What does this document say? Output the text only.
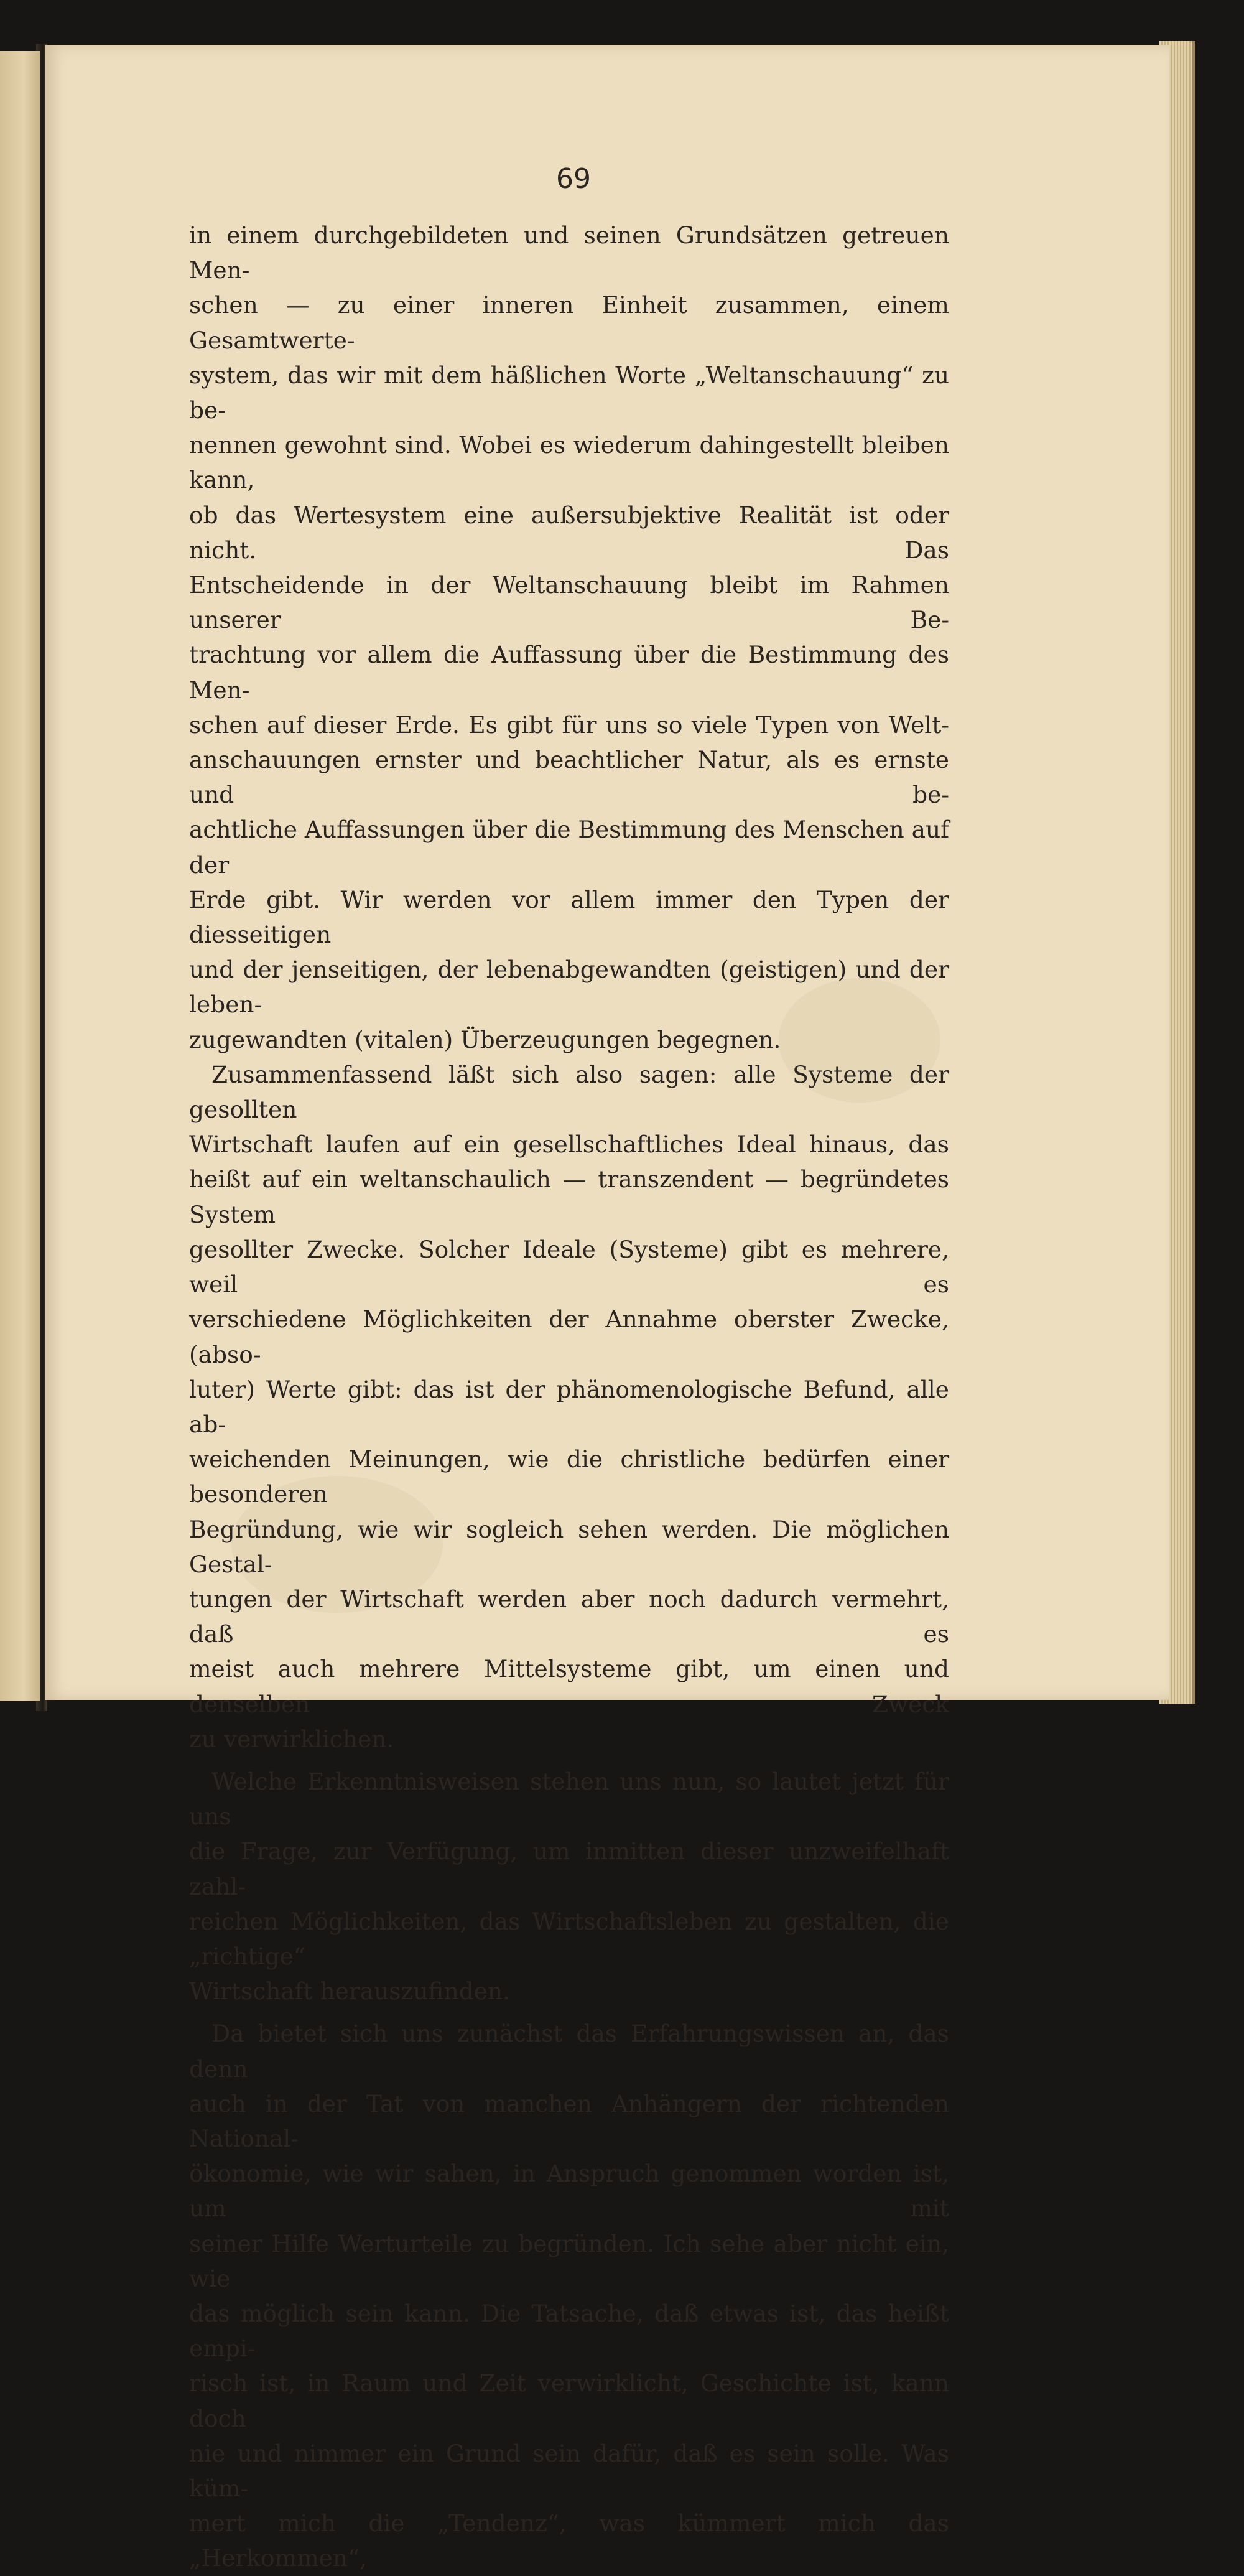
69

in einem durchgebildeten und seinen Grundsätzen getreuen Men-

schen — zu einer inneren Einheit zusammen, einem Gesamtwerte-

system, das wir mit dem häßlichen Worte „Weltanschauung“ zu be-

nennen gewohnt sind. Wobei es wiederum dahingestellt bleiben kann,

ob das Wertesystem eine außersubjektive Realität ist oder nicht. Das

Entscheidende in der Weltanschauung bleibt im Rahmen unserer Be-

trachtung vor allem die Auffassung über die Bestimmung des Men-

schen auf dieser Erde. Es gibt für uns so viele Typen von Welt-

anschauungen ernster und beachtlicher Natur, als es ernste und be-

achtliche Auffassungen über die Bestimmung des Menschen auf der

Erde gibt. Wir werden vor allem immer den Typen der diesseitigen

und der jenseitigen, der lebenabgewandten (geistigen) und der leben-

zugewandten (vitalen) Überzeugungen begegnen.

Zusammenfassend läßt sich also sagen: alle Systeme der gesollten

Wirtschaft laufen auf ein gesellschaftliches Ideal hinaus, das

heißt auf ein weltanschaulich — transzendent — begründetes System

gesollter Zwecke. Solcher Ideale (Systeme) gibt es mehrere, weil es

verschiedene Möglichkeiten der Annahme oberster Zwecke, (abso-

luter) Werte gibt: das ist der phänomenologische Befund, alle ab-

weichenden Meinungen, wie die christliche bedürfen einer besonderen

Begründung, wie wir sogleich sehen werden. Die möglichen Gestal-

tungen der Wirtschaft werden aber noch dadurch vermehrt, daß es

meist auch mehrere Mittelsysteme gibt, um einen und denselben Zweck

zu verwirklichen.

Welche Erkenntnisweisen stehen uns nun, so lautet jetzt für uns

die Frage, zur Verfügung, um inmitten dieser unzweifelhaft zahl-

reichen Möglichkeiten, das Wirtschaftsleben zu gestalten, die „richtige“

Wirtschaft herauszufinden.

Da bietet sich uns zunächst das Erfahrungswissen an, das denn

auch in der Tat von manchen Anhängern der richtenden National-

ökonomie, wie wir sahen, in Anspruch genommen worden ist, um mit

seiner Hilfe Werturteile zu begründen. Ich sehe aber nicht ein, wie

das möglich sein kann. Die Tatsache, daß etwas ist, das heißt empi-

risch ist, in Raum und Zeit verwirklicht, Geschichte ist, kann doch

nie und nimmer ein Grund sein dafür, daß es sein solle. Was küm-

mert mich die „Tendenz“, was kümmert mich das „Herkommen“,
